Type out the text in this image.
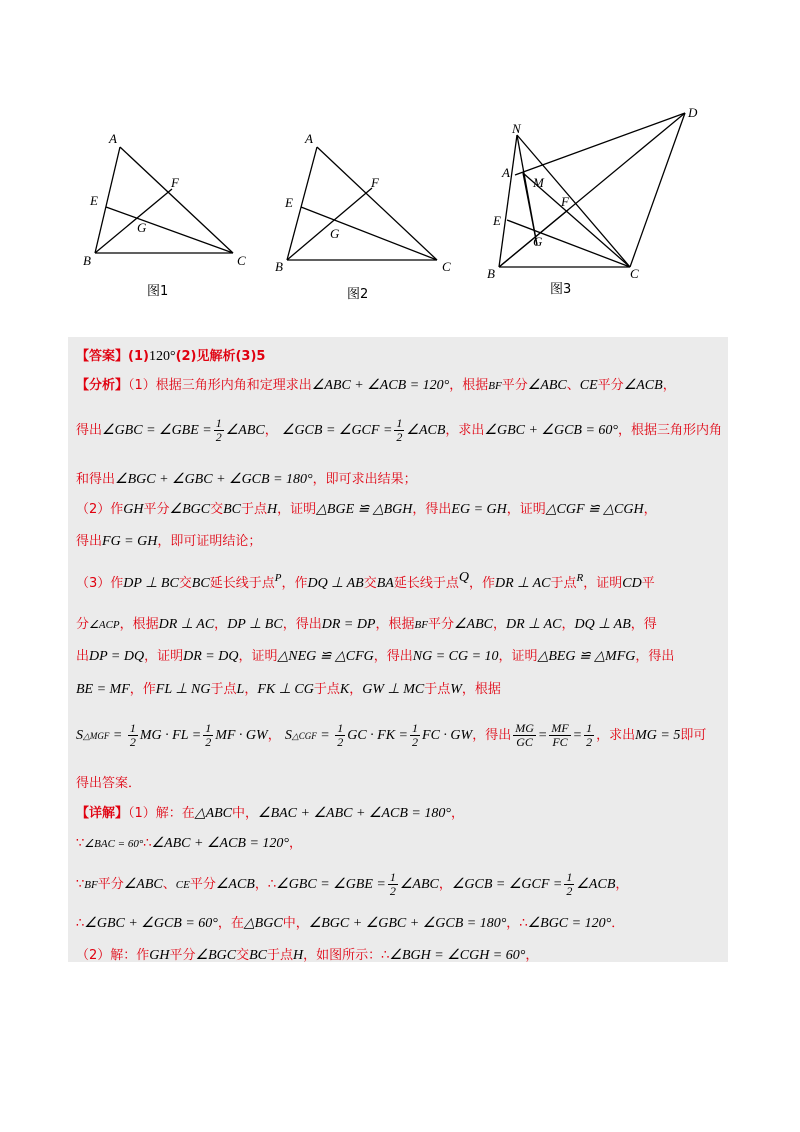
A
B	C
E
F
G
图1
A
B	C
E
F
G
图2
N
A
M
D
B	C
E
F
G
图3
【答案】(1)120°(2)见解析(3)5
【分析】（1）根据三角形内角和定理求出∠ABC + ∠ACB = 120°，根据BF平分∠ABC、CE平分∠ACB，
得出∠GBC = ∠GBE = $\frac{1}{2}$ ∠ABC， ∠GCB = ∠GCF = $\frac{1}{2}$ ∠ACB，求出∠GBC + ∠GCB = 60°，根据三角形内角
和得出∠BGC + ∠GBC + ∠GCB = 180°，即可求出结果；
（2）作GH平分∠BGC交BC于点H，证明△BGE ≌ △BGH，得出EG = GH，证明△CGF ≌ △CGH，
得出FG = GH，即可证明结论；
（3）作DP ⊥ BC交BC延长线于点$^P$，作DQ ⊥ AB交BA延长线于点Q，作DR ⊥ AC于点$^R$，证明CD平
分∠ACP，根据DR ⊥ AC，DP ⊥ BC，得出DR = DP，根据BF平分∠ABC，DR ⊥ AC，DQ ⊥ AB，得
出DP = DQ，证明DR = DQ，证明△NEG ≌ △CFG，得出NG = CG = 10，证明△BEG ≌ △MFG，得出
BE = MF，作FL ⊥ NG于点L，FK ⊥ CG于点K，GW ⊥ MC于点W，根据
S△MGF = $\frac{1}{2}$ MG · FL = $\frac{1}{2}$ MF · GW， S△CGF = $\frac{1}{2}$ GC · FK = $\frac{1}{2}$ FC · GW，得出 $\frac{MG}{GC} = \frac{MF}{FC} = \frac{1}{2}$ ，求出MG = 5即可
得出答案．
【详解】（1）解：在△ABC中，∠BAC + ∠ABC + ∠ACB = 180°，
∵∠BAC = 60°∴∠ABC + ∠ACB = 120°，
∵BF平分∠ABC、CE平分∠ACB，∴∠GBC = ∠GBE = $\frac{1}{2}$ ∠ABC，∠GCB = ∠GCF = $\frac{1}{2}$ ∠ACB，
∴∠GBC + ∠GCB = 60°，在△BGC中，∠BGC + ∠GBC + ∠GCB = 180°，∴∠BGC = 120°．
（2）解：作GH平分∠BGC交BC于点H，如图所示：∴∠BGH = ∠CGH = 60°，
